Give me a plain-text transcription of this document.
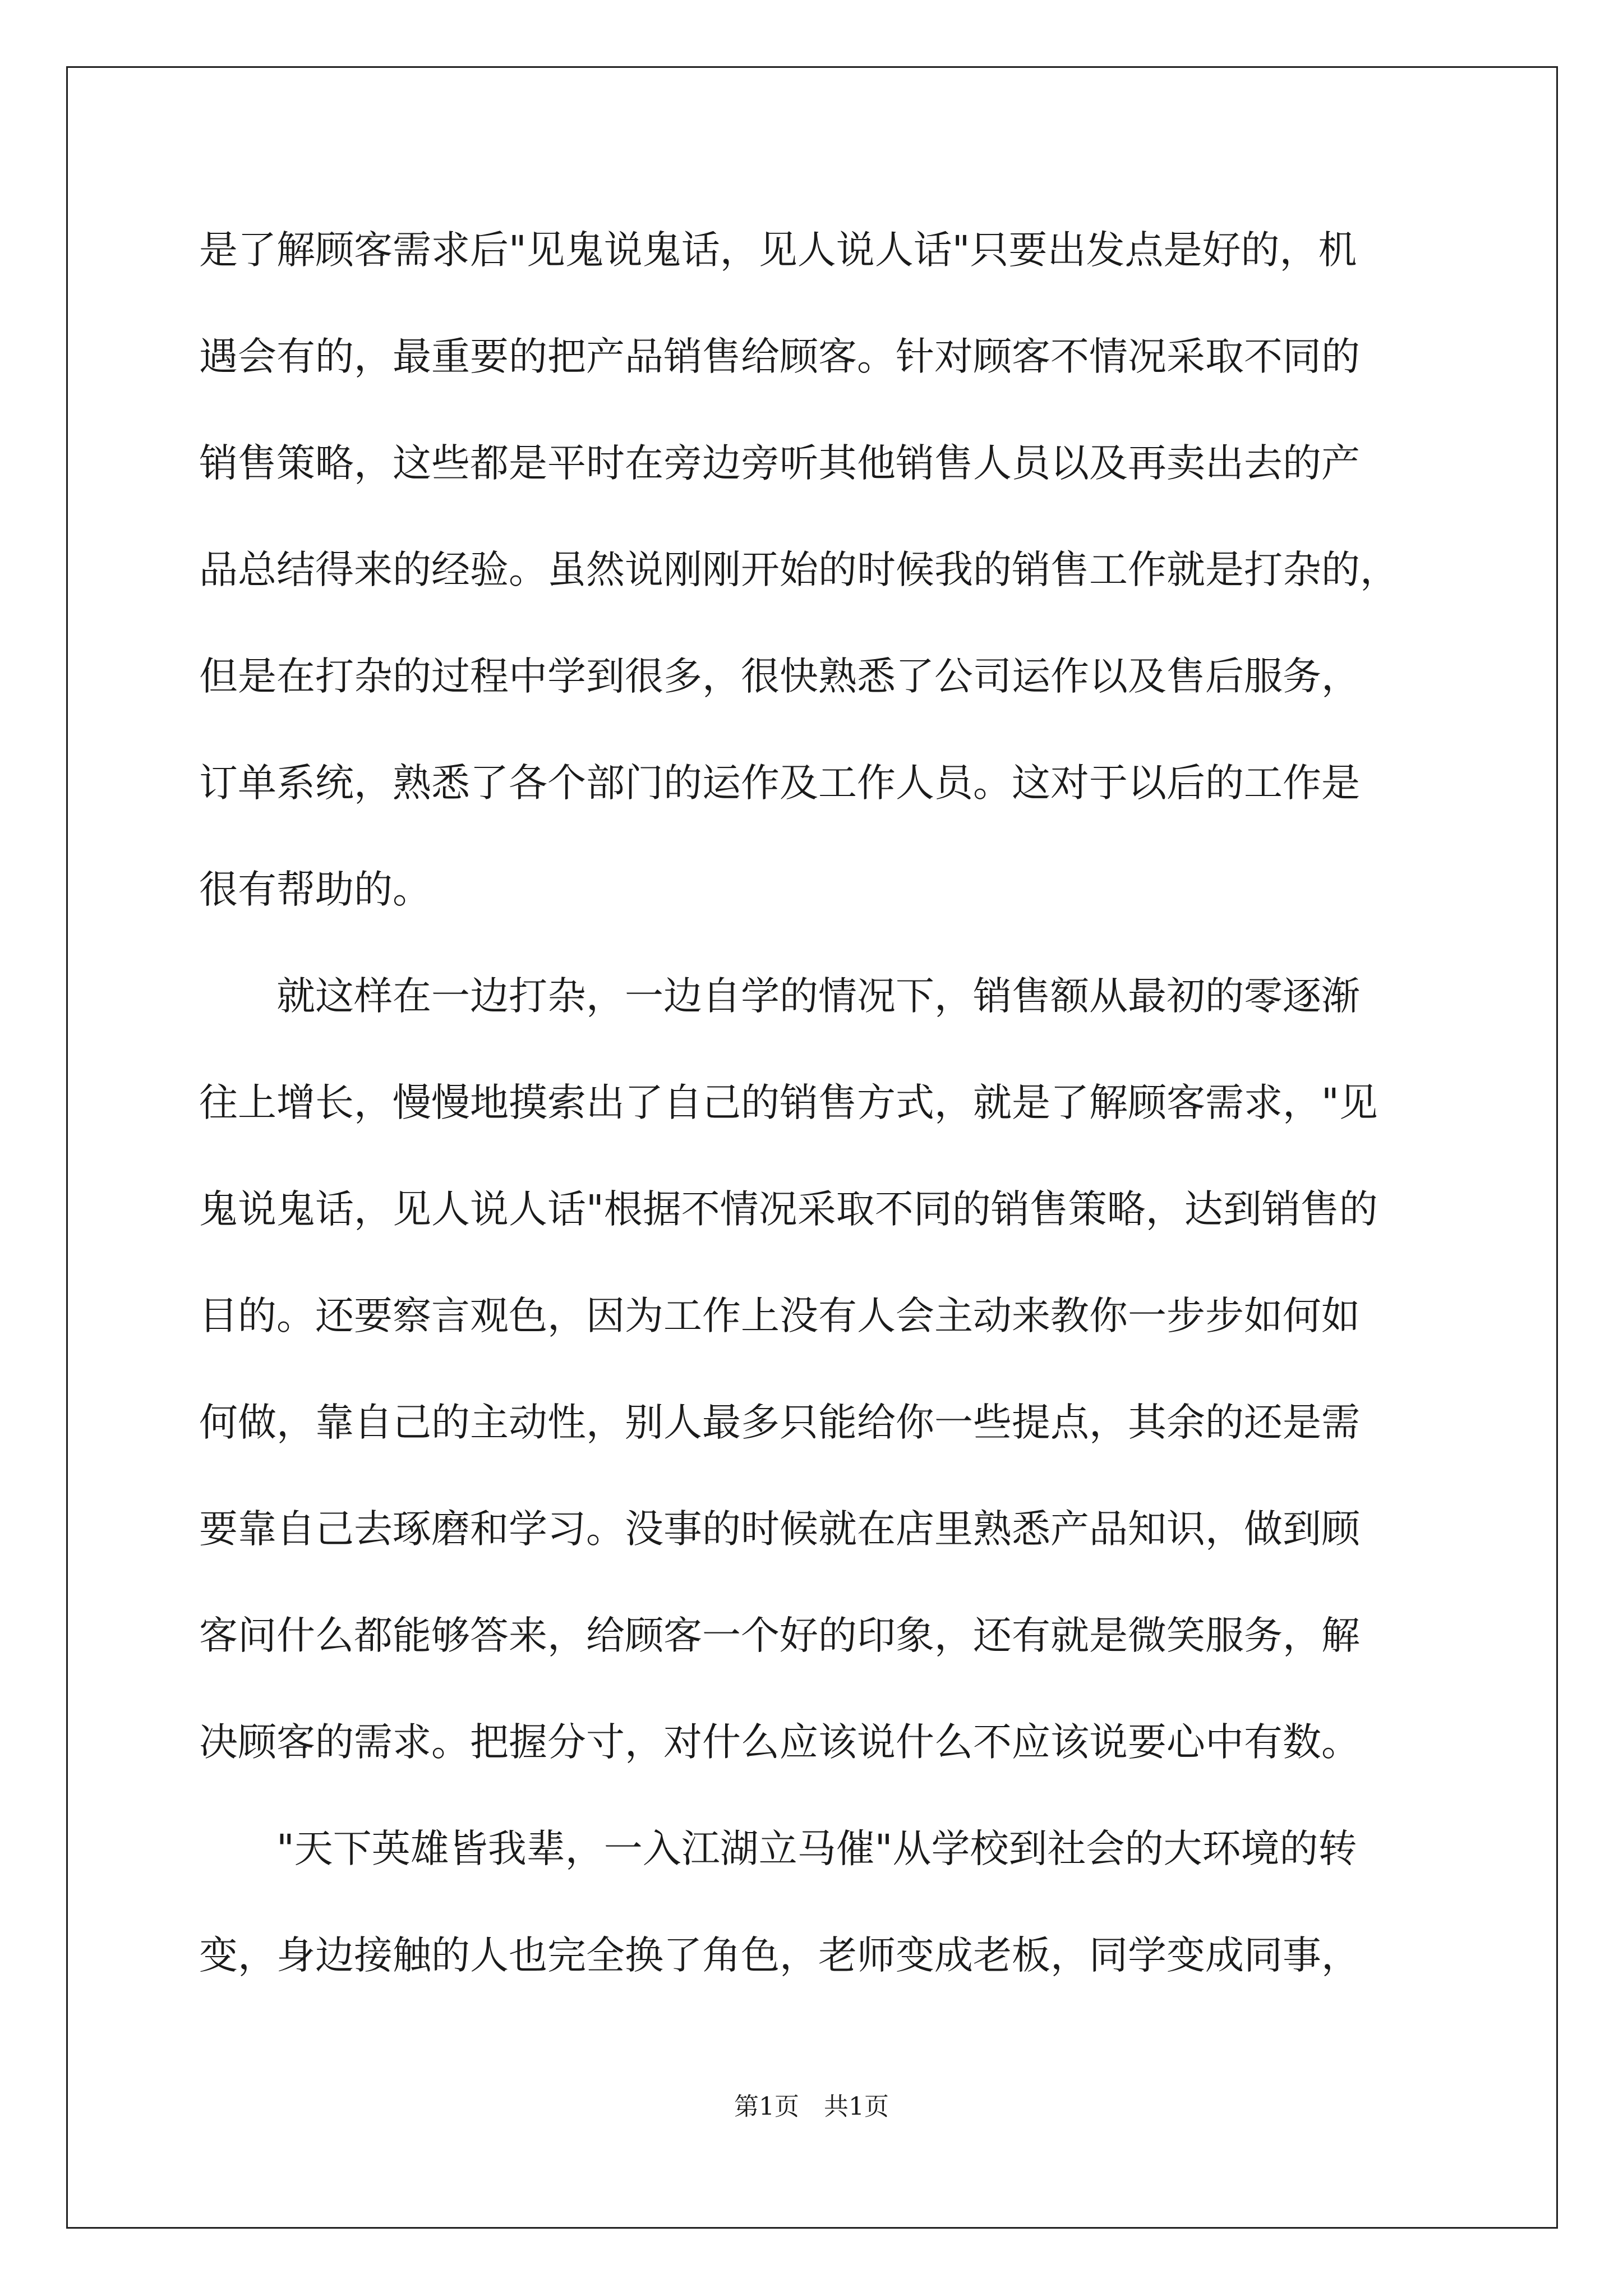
是了解顾客需求后"见鬼说鬼话，见人说人话"只要出发点是好的，机
遇会有的，最重要的把产品销售给顾客。针对顾客不情况采取不同的
销售策略，这些都是平时在旁边旁听其他销售人员以及再卖出去的产
品总结得来的经验。虽然说刚刚开始的时候我的销售工作就是打杂的，
但是在打杂的过程中学到很多，很快熟悉了公司运作以及售后服务，
订单系统，熟悉了各个部门的运作及工作人员。这对于以后的工作是
很有帮助的。
　　就这样在一边打杂，一边自学的情况下，销售额从最初的零逐渐
往上增长，慢慢地摸索出了自己的销售方式，就是了解顾客需求，"见
鬼说鬼话，见人说人话"根据不情况采取不同的销售策略，达到销售的
目的。还要察言观色，因为工作上没有人会主动来教你一步步如何如
何做，靠自己的主动性，别人最多只能给你一些提点，其余的还是需
要靠自己去琢磨和学习。没事的时候就在店里熟悉产品知识，做到顾
客问什么都能够答来，给顾客一个好的印象，还有就是微笑服务，解
决顾客的需求。把握分寸，对什么应该说什么不应该说要心中有数。
　　"天下英雄皆我辈，一入江湖立马催"从学校到社会的大环境的转
变，身边接触的人也完全换了角色，老师变成老板，同学变成同事，
第1页　共1页
